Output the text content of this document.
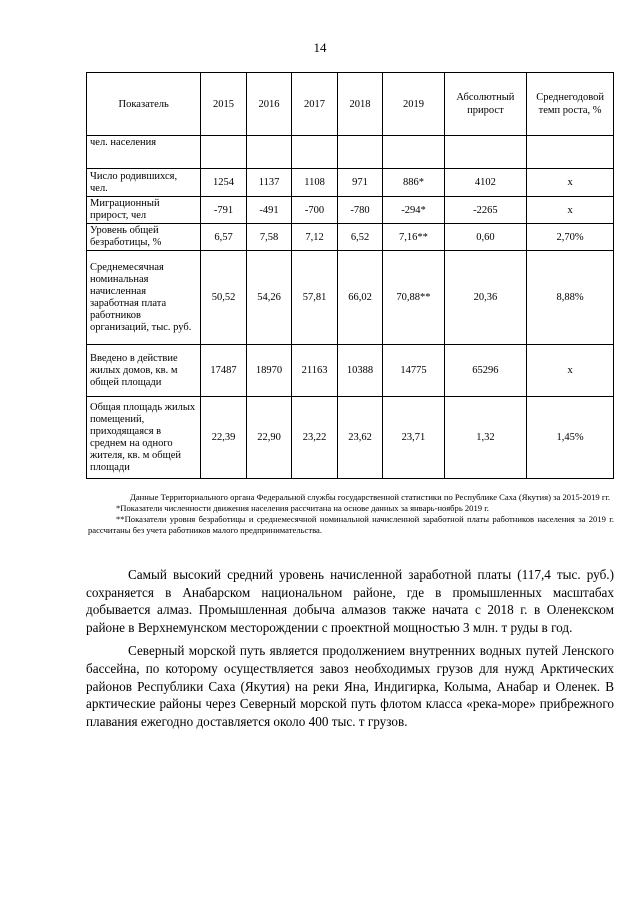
14
Показатель	2015	2016	2017	2018	2019	Абсолютный прирост	Среднегодовой темп роста, %
чел. населения							
Число родившихся, чел.	1254	1137	1108	971	886*	4102	х
Миграционный прирост, чел	-791	-491	-700	-780	-294*	-2265	х
Уровень общей безработицы, %	6,57	7,58	7,12	6,52	7,16**	0,60	2,70%
Среднемесячная номинальная начисленная заработная плата работников организаций, тыс. руб.	50,52	54,26	57,81	66,02	70,88**	20,36	8,88%
Введено в действие жилых домов, кв. м общей площади	17487	18970	21163	10388	14775	65296	х
Общая площадь жилых помещений, приходящаяся в среднем на одного жителя, кв. м общей площади	22,39	22,90	23,22	23,62	23,71	1,32	1,45%

Данные Территориального органа Федеральной службы государственной статистики по Республике Саха (Якутия) за 2015-2019 гг.

*Показатели численности движения населения рассчитана на основе данных за январь-ноябрь 2019 г.

**Показатели уровня безработицы и среднемесячной номинальной начисленной заработной платы работников населения за 2019 г. рассчитаны без учета работников малого предпринимательства.

Самый высокий средний уровень начисленной заработной платы (117,4 тыс. руб.) сохраняется в Анабарском национальном районе, где в промышленных масштабах добывается алмаз. Промышленная добыча алмазов также начата с 2018 г. в Оленекском районе в Верхнемунском месторождении с проектной мощностью 3 млн. т руды в год.

Северный морской путь является продолжением внутренних водных путей Ленского бассейна, по которому осуществляется завоз необходимых грузов для нужд Арктических районов Республики Саха (Якутия) на реки Яна, Индигирка, Колыма, Анабар и Оленек. В арктические районы через Северный морской путь флотом класса «река-море» прибрежного плавания ежегодно доставляется около 400 тыс. т грузов.
